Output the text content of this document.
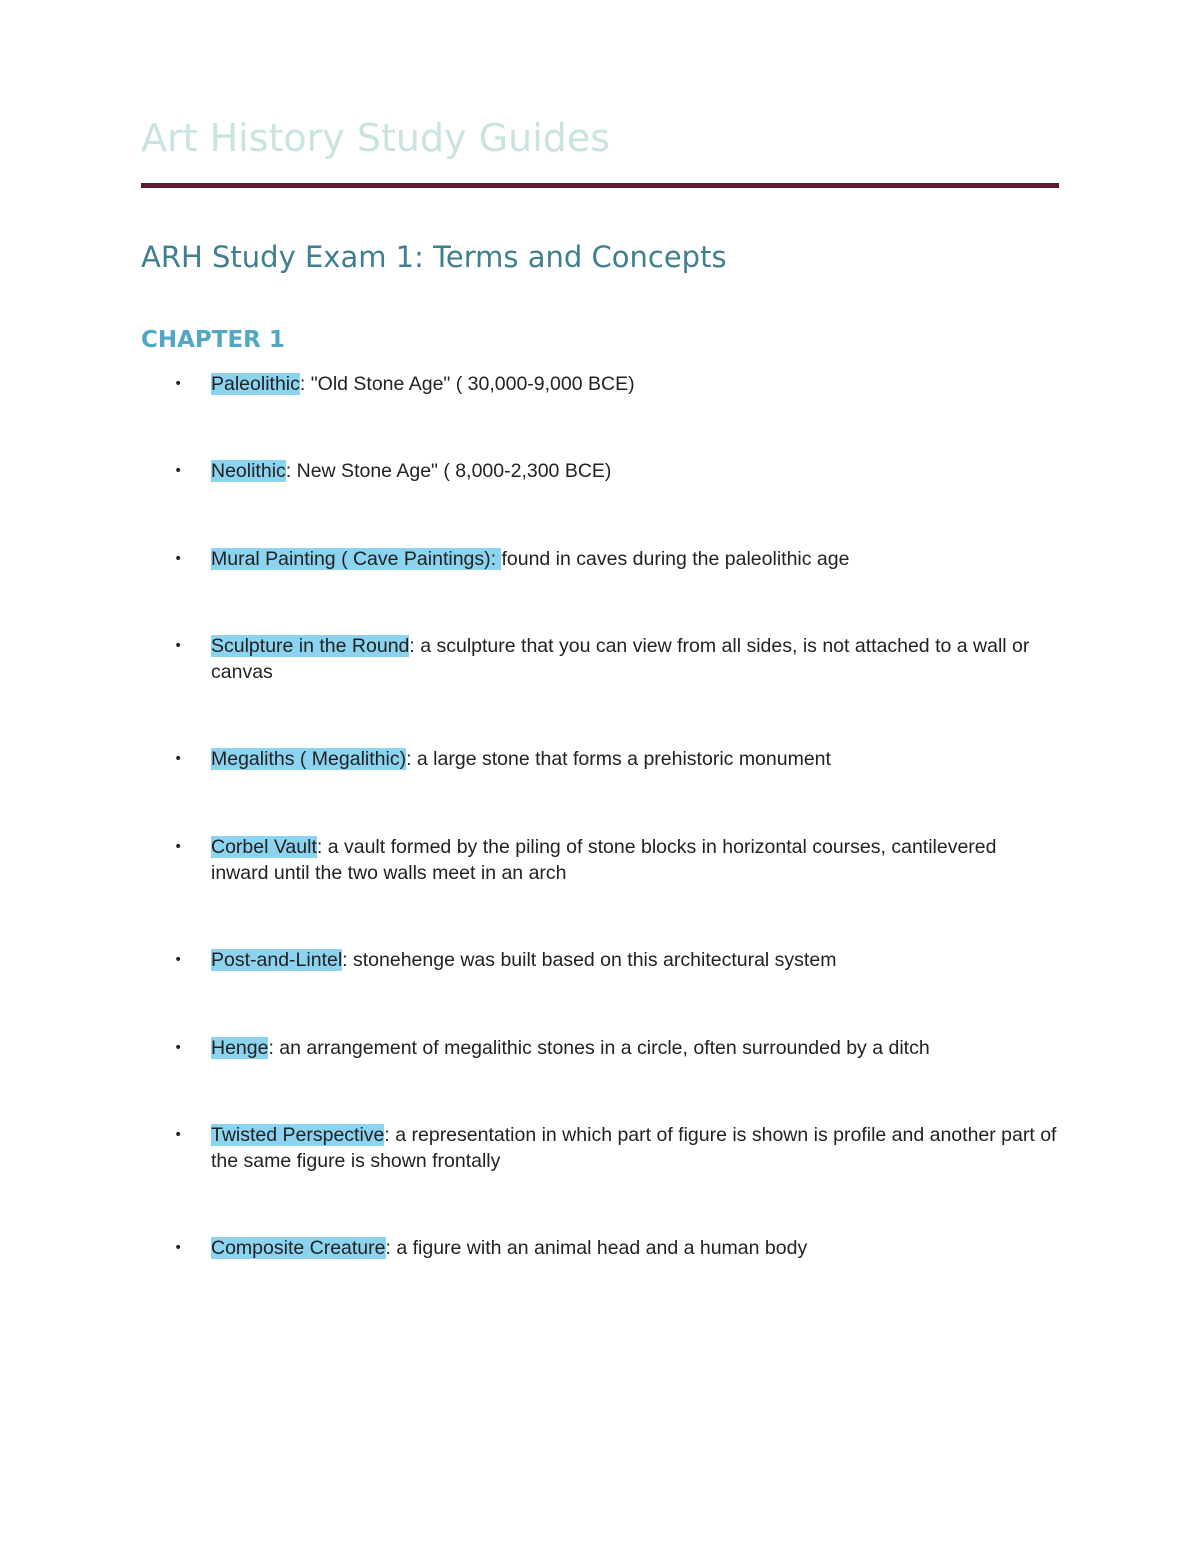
Art History Study Guides
ARH Study Exam 1: Terms and Concepts
CHAPTER 1
• Paleolithic: "Old Stone Age" ( 30,000-9,000 BCE)
• Neolithic: New Stone Age" ( 8,000-2,300 BCE)
• Mural Painting ( Cave Paintings): found in caves during the paleolithic age
• Sculpture in the Round: a sculpture that you can view from all sides, is not attached to a wall or canvas
• Megaliths ( Megalithic): a large stone that forms a prehistoric monument
• Corbel Vault: a vault formed by the piling of stone blocks in horizontal courses, cantilevered inward until the two walls meet in an arch
• Post-and-Lintel: stonehenge was built based on this architectural system
• Henge: an arrangement of megalithic stones in a circle, often surrounded by a ditch
• Twisted Perspective: a representation in which part of figure is shown is profile and another part of the same figure is shown frontally
• Composite Creature: a figure with an animal head and a human body
